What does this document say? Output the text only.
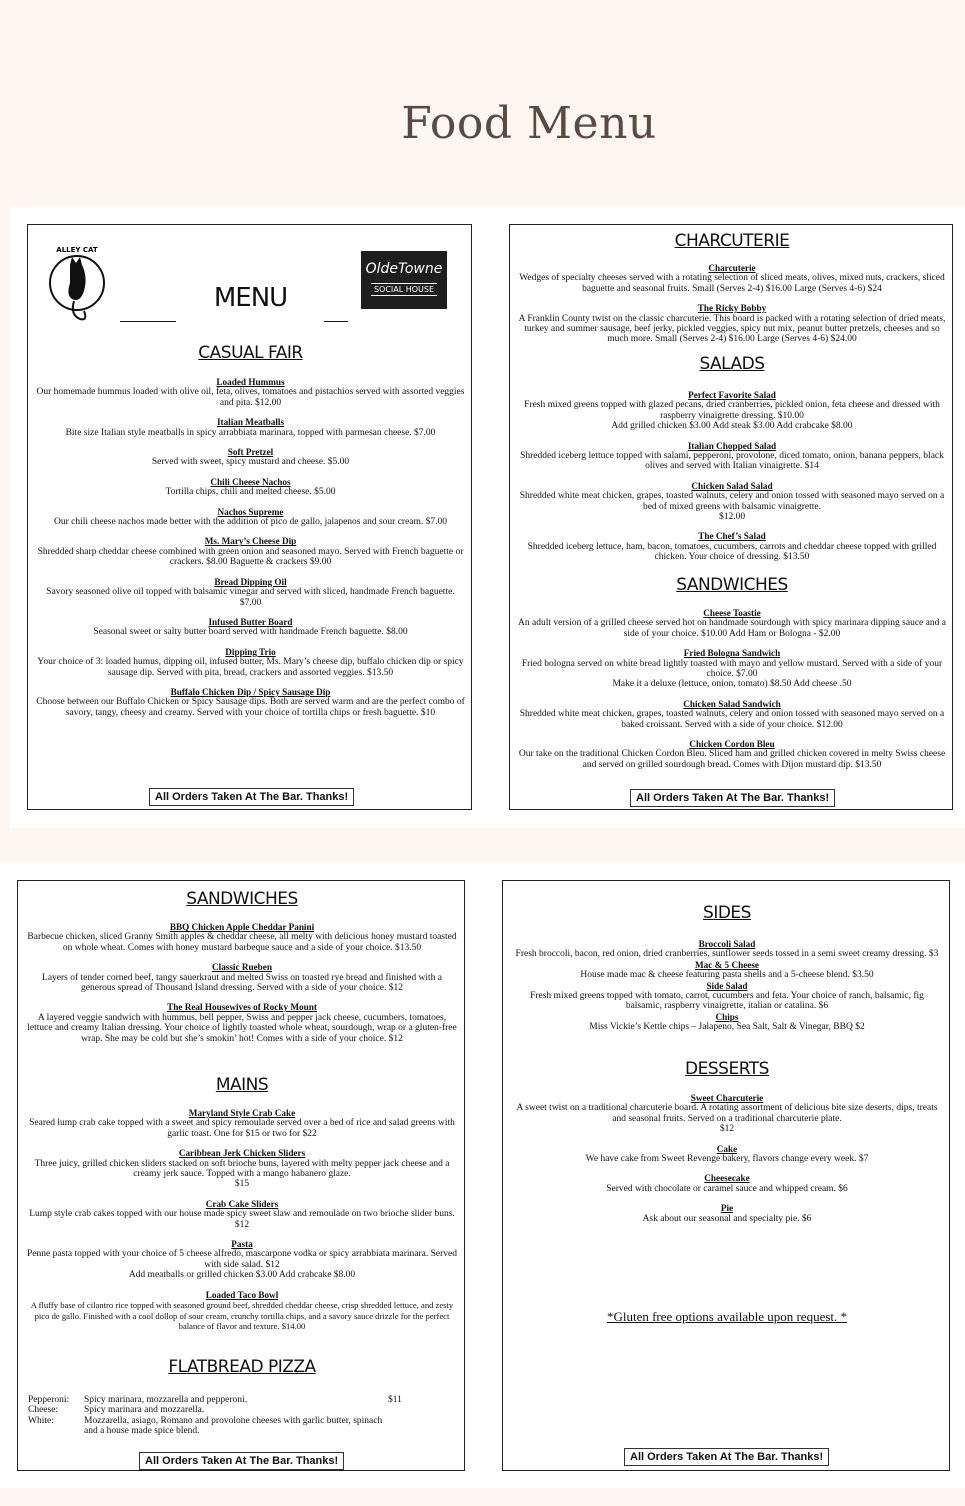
Food Menu
ALLEY CAT
OldeTowne
SOCIAL HOUSE
MENU
CASUAL FAIR
Loaded Hummus
Our homemade hummus loaded with olive oil, feta, olives, tomatoes and pistachios served with assorted veggies and pita. $12.00
Italian Meatballs
Bite size Italian style meatballs in spicy arrabbiata marinara, topped with parmesan cheese. $7.00
Soft Pretzel
Served with sweet, spicy mustard and cheese. $5.00
Chili Cheese Nachos
Tortilla chips, chili and melted cheese. $5.00
Nachos Supreme
Our chili cheese nachos made better with the addition of pico de gallo, jalapenos and sour cream. $7.00
Ms. Mary’s Cheese Dip
Shredded sharp cheddar cheese combined with green onion and seasoned mayo. Served with French baguette or crackers. $8.00 Baguette & crackers $9.00
Bread Dipping Oil
Savory seasoned olive oil topped with balsamic vinegar and served with sliced, handmade French baguette. $7.00
Infused Butter Board
Seasonal sweet or salty butter board served with handmade French baguette. $8.00
Dipping Trio
Your choice of 3: loaded humus, dipping oil, infused butter, Ms. Mary’s cheese dip, buffalo chicken dip or spicy sausage dip. Served with pita, bread, crackers and assorted veggies. $13.50
Buffalo Chicken Dip / Spicy Sausage Dip
Choose between our Buffalo Chicken or Spicy Sausage dips. Both are served warm and are the perfect combo of savory, tangy, cheesy and creamy. Served with your choice of tortilla chips or fresh baguette. $10
All Orders Taken At The Bar. Thanks!
CHARCUTERIE
Charcuterie
Wedges of specialty cheeses served with a rotating selection of sliced meats, olives, mixed nuts, crackers, sliced baguette and seasonal fruits. Small (Serves 2-4) $16.00 Large (Serves 4-6) $24
The Ricky Bobby
A Franklin County twist on the classic charcuterie. This board is packed with a rotating selection of dried meats, turkey and summer sausage, beef jerky, pickled veggies, spicy nut mix, peanut butter pretzels, cheeses and so much more. Small (Serves 2-4) $16.00 Large (Serves 4-6) $24.00
SALADS
Perfect Favorite Salad
Fresh mixed greens topped with glazed pecans, dried cranberries, pickled onion, feta cheese and dressed with raspberry vinaigrette dressing. $10.00
Add grilled chicken $3.00 Add steak $3.00 Add crabcake $8.00
Italian Chopped Salad
Shredded iceberg lettuce topped with salami, pepperoni, provolone, diced tomato, onion, banana peppers, black olives and served with Italian vinaigrette. $14
Chicken Salad Salad
Shredded white meat chicken, grapes, toasted walnuts, celery and onion tossed with seasoned mayo served on a bed of mixed greens with balsamic vinaigrette.
$12.00
The Chef’s Salad
Shredded iceberg lettuce, ham, bacon, tomatoes, cucumbers, carrots and cheddar cheese topped with grilled chicken. Your choice of dressing. $13.50
SANDWICHES
Cheese Toastie
An adult version of a grilled cheese served hot on handmade sourdough with spicy marinara dipping sauce and a side of your choice. $10.00 Add Ham or Bologna - $2.00
Fried Bologna Sandwich
Fried bologna served on white bread lightly toasted with mayo and yellow mustard. Served with a side of your choice. $7.00
Make it a deluxe (lettuce, onion, tomato) $8.50 Add cheese .50
Chicken Salad Sandwich
Shredded white meat chicken, grapes, toasted walnuts, celery and onion tossed with seasoned mayo served on a baked croissant. Served with a side of your choice. $12.00
Chicken Cordon Bleu
Our take on the traditional Chicken Cordon Bleu. Sliced ham and grilled chicken covered in melty Swiss cheese and served on grilled sourdough bread. Comes with Dijon mustard dip. $13.50
All Orders Taken At The Bar. Thanks!
SANDWICHES
BBQ Chicken Apple Cheddar Panini
Barbecue chicken, sliced Granny Smith apples & cheddar cheese, all melty with delicious honey mustard toasted on whole wheat. Comes with honey mustard barbeque sauce and a side of your choice. $13.50
Classic Rueben
Layers of tender corned beef, tangy sauerkraut and melted Swiss on toasted rye bread and finished with a generous spread of Thousand Island dressing. Served with a side of your choice. $12
The Real Housewives of Rocky Mount
A layered veggie sandwich with hummus, bell pepper, Swiss and pepper jack cheese, cucumbers, tomatoes, lettuce and creamy Italian dressing. Your choice of lightly toasted whole wheat, sourdough, wrap or a gluten-free wrap. She may be cold but she’s smokin’ hot! Comes with a side of your choice. $12
MAINS
Maryland Style Crab Cake
Seared lump crab cake topped with a sweet and spicy remoulade served over a bed of rice and salad greens with garlic toast. One for $15 or two for $22
Caribbean Jerk Chicken Sliders
Three juicy, grilled chicken sliders stacked on soft brioche buns, layered with melty pepper jack cheese and a creamy jerk sauce. Topped with a mango habanero glaze.
$15
Crab Cake Sliders
Lump style crab cakes topped with our house made spicy sweet slaw and remoulade on two brioche slider buns. $12
Pasta
Penne pasta topped with your choice of 5 cheese alfredo, mascarpone vodka or spicy arrabbiata marinara. Served with side salad. $12
Add meatballs or grilled chicken $3.00 Add crabcake $8.00
Loaded Taco Bowl
A fluffy base of cilantro rice topped with seasoned ground beef, shredded cheddar cheese, crisp shredded lettuce, and zesty pico de gallo. Finished with a cool dollop of sour cream, crunchy tortilla chips, and a savory sauce drizzle for the perfect balance of flavor and texture. $14.00
FLATBREAD PIZZA
Pepperoni:	Spicy marinara, mozzarella and pepperoni.	$11
Cheese:	Spicy marinara and mozzarella.
White:	Mozzarella, asiago, Romano and provolone cheeses with garlic butter, spinach and a house made spice blend.
All Orders Taken At The Bar. Thanks!
SIDES
Broccoli Salad
Fresh broccoli, bacon, red onion, dried cranberries, sunflower seeds tossed in a semi sweet creamy dressing. $3
Mac & 5 Cheese
House made mac & cheese featuring pasta shells and a 5-cheese blend. $3.50
Side Salad
Fresh mixed greens topped with tomato, carrot, cucumbers and feta. Your choice of ranch, balsamic, fig balsamic, raspberry vinaigrette, italian or catalina. $6
Chips
Miss Vickie’s Kettle chips – Jalapeno, Sea Salt, Salt & Vinegar, BBQ $2
DESSERTS
Sweet Charcuterie
A sweet twist on a traditional charcuterie board. A rotating assortment of delicious bite size deserts, dips, treats and seasonal fruits. Served on a traditional charcuterie plate.
$12
Cake
We have cake from Sweet Revenge bakery, flavors change every week. $7
Cheesecake
Served with chocolate or caramel sauce and whipped cream. $6
Pie
Ask about our seasonal and specialty pie. $6
*Gluten free options available upon request. *
All Orders Taken At The Bar. Thanks!
